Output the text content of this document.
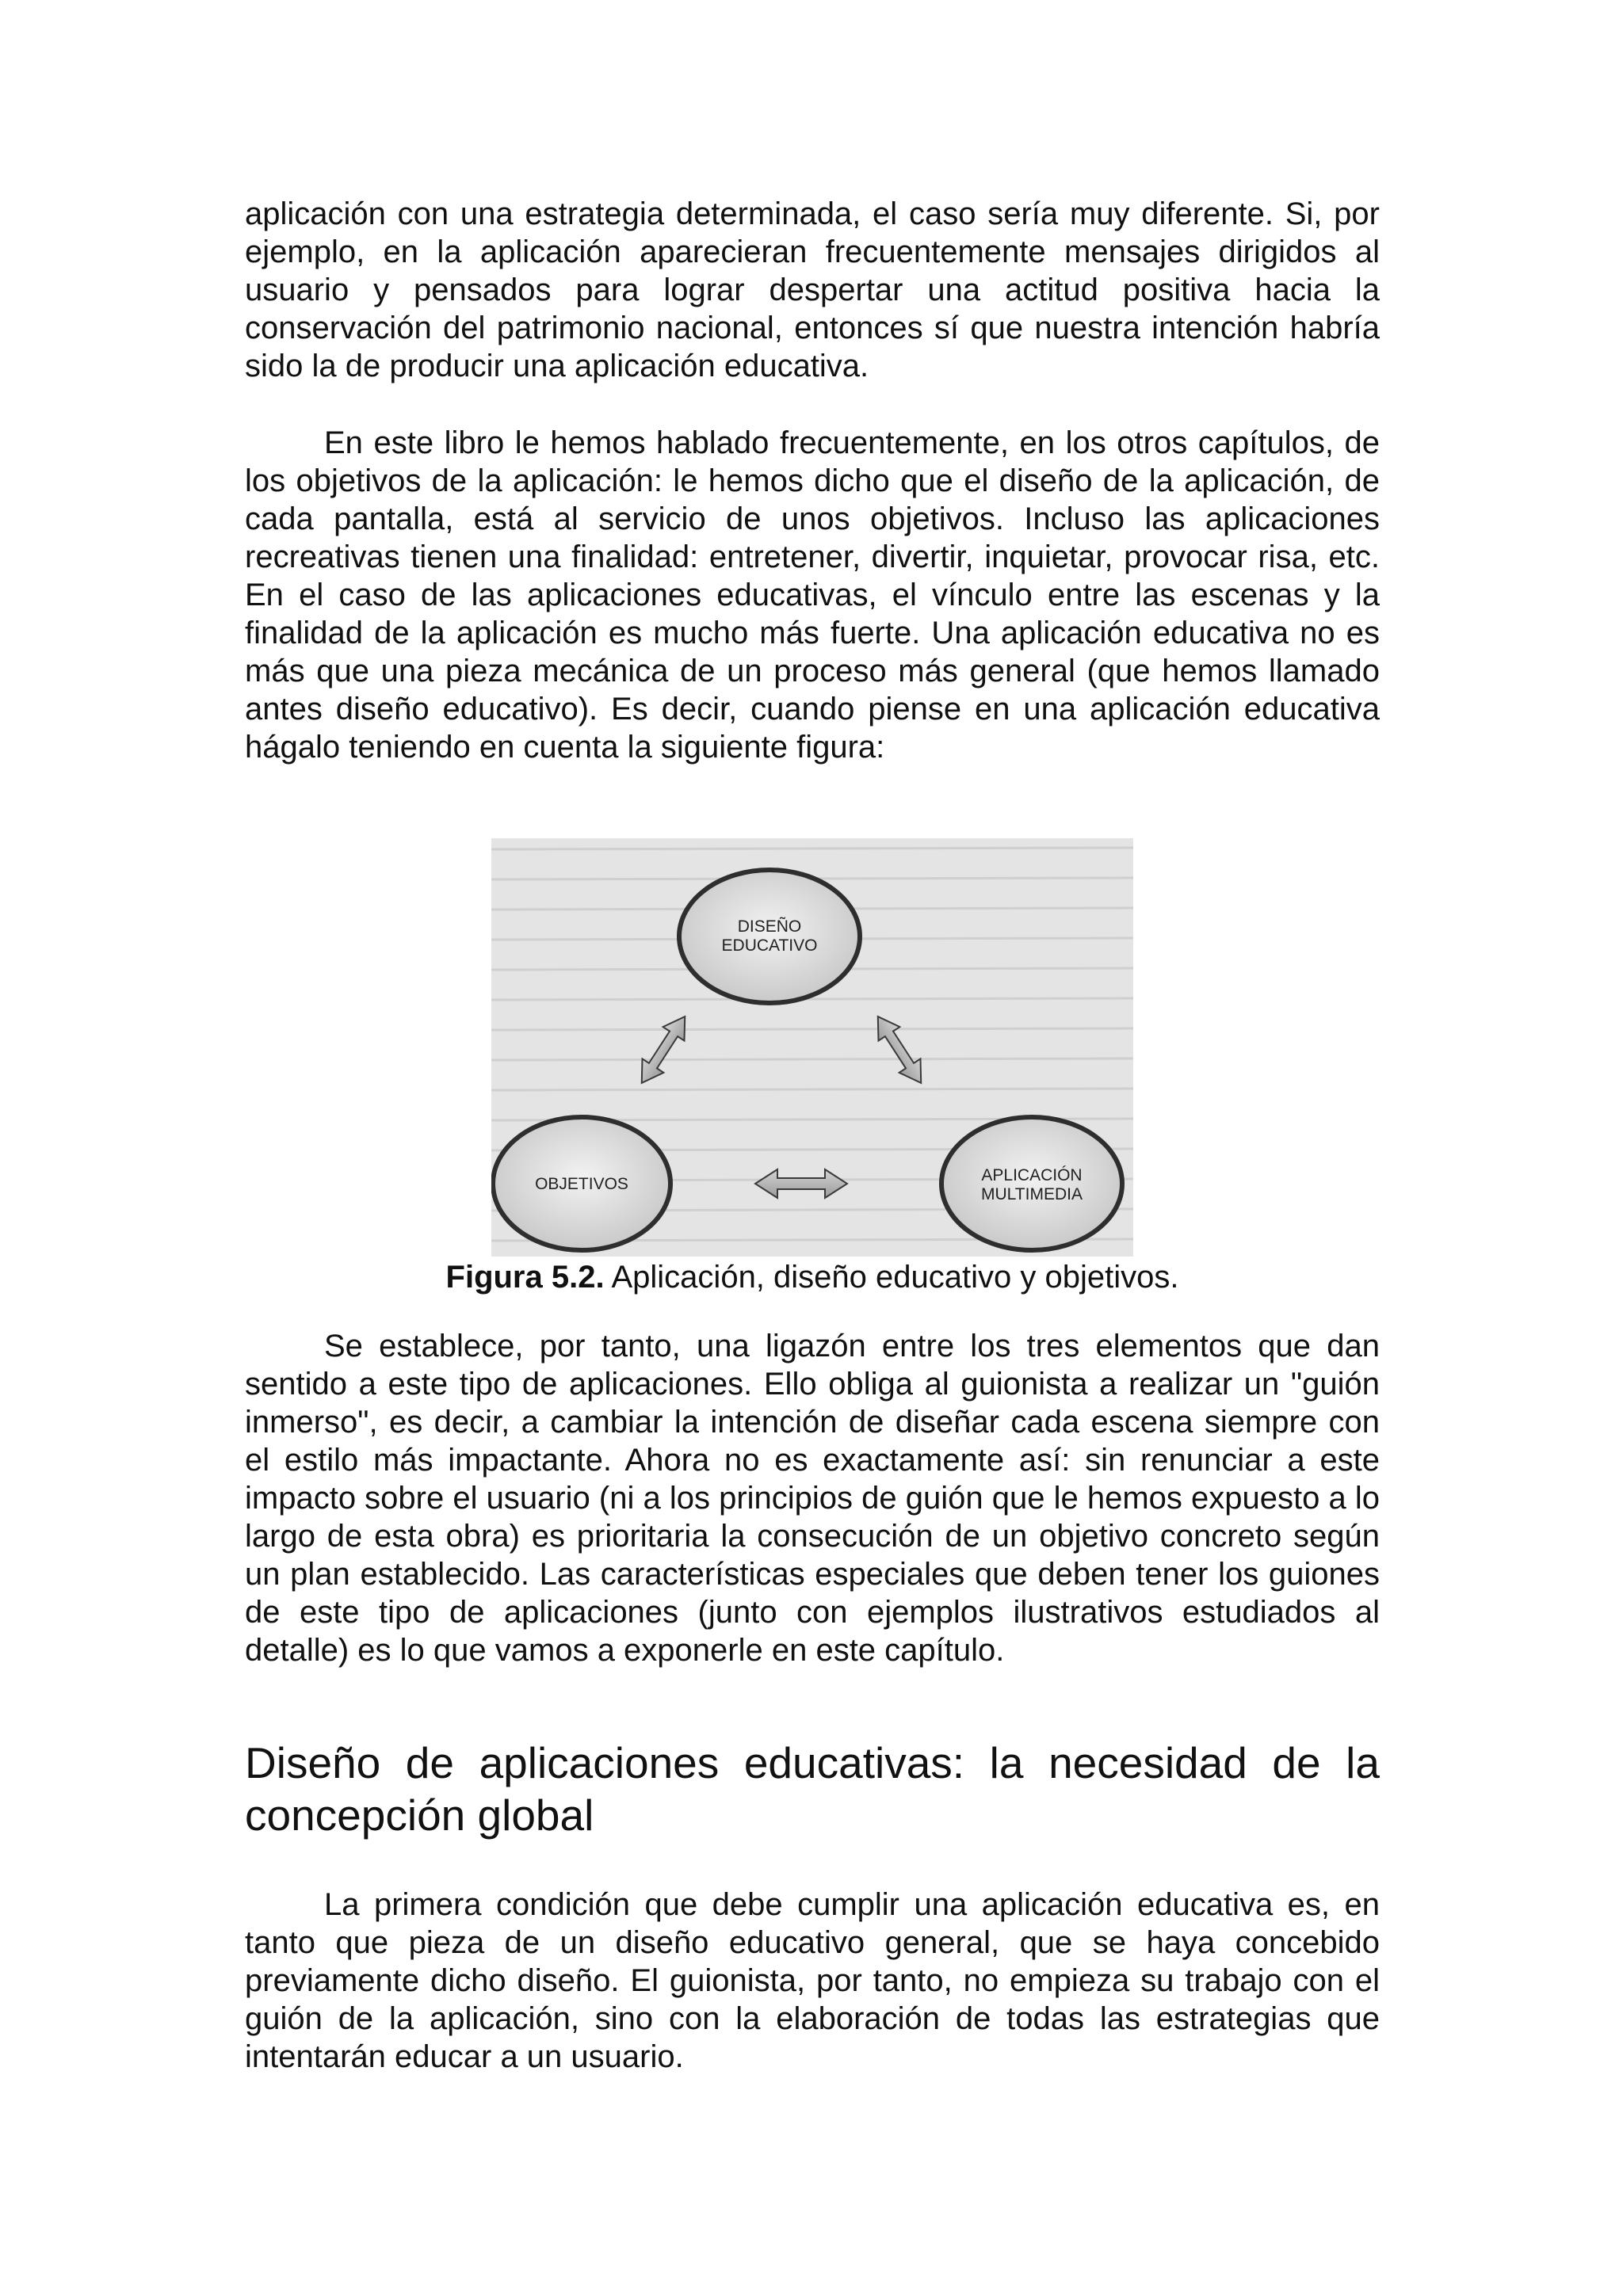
aplicación con una estrategia determinada, el caso sería muy diferente. Si, por ejemplo, en la aplicación aparecieran frecuentemente mensajes dirigidos al usuario y pensados para lograr despertar una actitud positiva hacia la conservación del patrimonio nacional, entonces sí que nuestra intención habría sido la de producir una aplicación educativa.

En este libro le hemos hablado frecuentemente, en los otros capítulos, de los objetivos de la aplicación: le hemos dicho que el diseño de la aplicación, de cada pantalla, está al servicio de unos objetivos. Incluso las aplicaciones recreativas tienen una finalidad: entretener, divertir, inquietar, provocar risa, etc. En el caso de las aplicaciones educativas, el vínculo entre las escenas y la finalidad de la aplicación es mucho más fuerte. Una aplicación educativa no es más que una pieza mecánica de un proceso más general (que hemos llamado antes diseño educativo). Es decir, cuando piense en una aplicación educativa hágalo teniendo en cuenta la siguiente figura:

DISEÑO
EDUCATIVO
OBJETIVOS	APLICACIÓN
MULTIMEDIA
Figura 5.2. Aplicación, diseño educativo y objetivos.

Se establece, por tanto, una ligazón entre los tres elementos que dan sentido a este tipo de aplicaciones. Ello obliga al guionista a realizar un "guión inmerso", es decir, a cambiar la intención de diseñar cada escena siempre con el estilo más impactante. Ahora no es exactamente así: sin renunciar a este impacto sobre el usuario (ni a los principios de guión que le hemos expuesto a lo largo de esta obra) es prioritaria la consecución de un objetivo concreto según un plan establecido. Las características especiales que deben tener los guiones de este tipo de aplicaciones (junto con ejemplos ilustrativos estudiados al detalle) es lo que vamos a exponerle en este capítulo.

Diseño de aplicaciones educativas: la necesidad de la concepción global

La primera condición que debe cumplir una aplicación educativa es, en tanto que pieza de un diseño educativo general, que se haya concebido previamente dicho diseño. El guionista, por tanto, no empieza su trabajo con el guión de la aplicación, sino con la elaboración de todas las estrategias que intentarán educar a un usuario.
